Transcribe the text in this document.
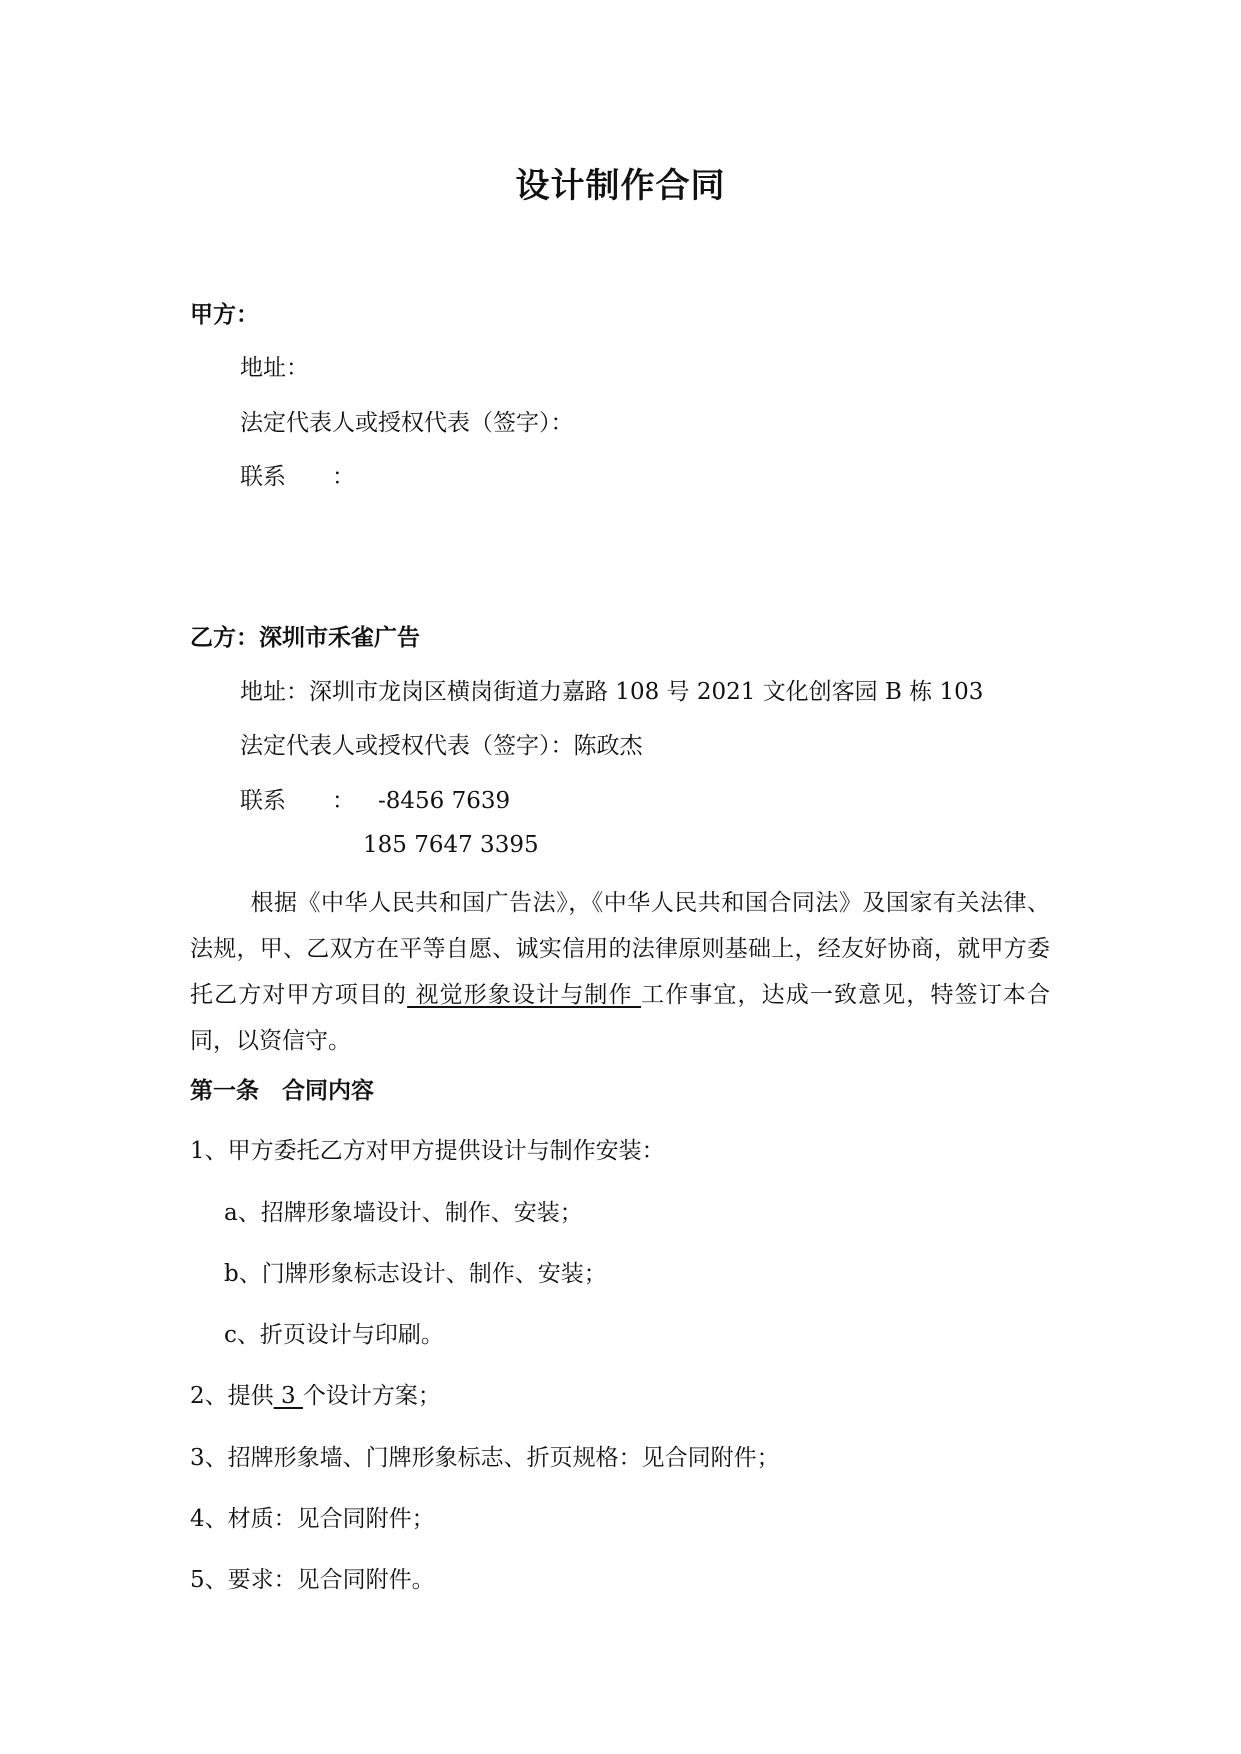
设计制作合同
甲方：
地址：
法定代表人或授权代表（签字）：
联系　　：
乙方：深圳市禾雀广告
地址：深圳市龙岗区横岗街道力嘉路 108 号 2021 文化创客园 B 栋 103
法定代表人或授权代表（签字）：陈政杰
联系　　： -8456 7639
185 7647 3395
根据《中华人民共和国广告法》，《中华人民共和国合同法》及国家有关法律、法规，甲、乙双方在平等自愿、诚实信用的法律原则基础上，经友好协商，就甲方委托乙方对甲方项目的 视觉形象设计与制作 工作事宜，达成一致意见，特签订本合同，以资信守。
第一条　合同内容
1、甲方委托乙方对甲方提供设计与制作安装：
a、招牌形象墙设计、制作、安装；
b、门牌形象标志设计、制作、安装；
c、折页设计与印刷。
2、提供 3 个设计方案；
3、招牌形象墙、门牌形象标志、折页规格：见合同附件；
4、材质：见合同附件；
5、要求：见合同附件。
